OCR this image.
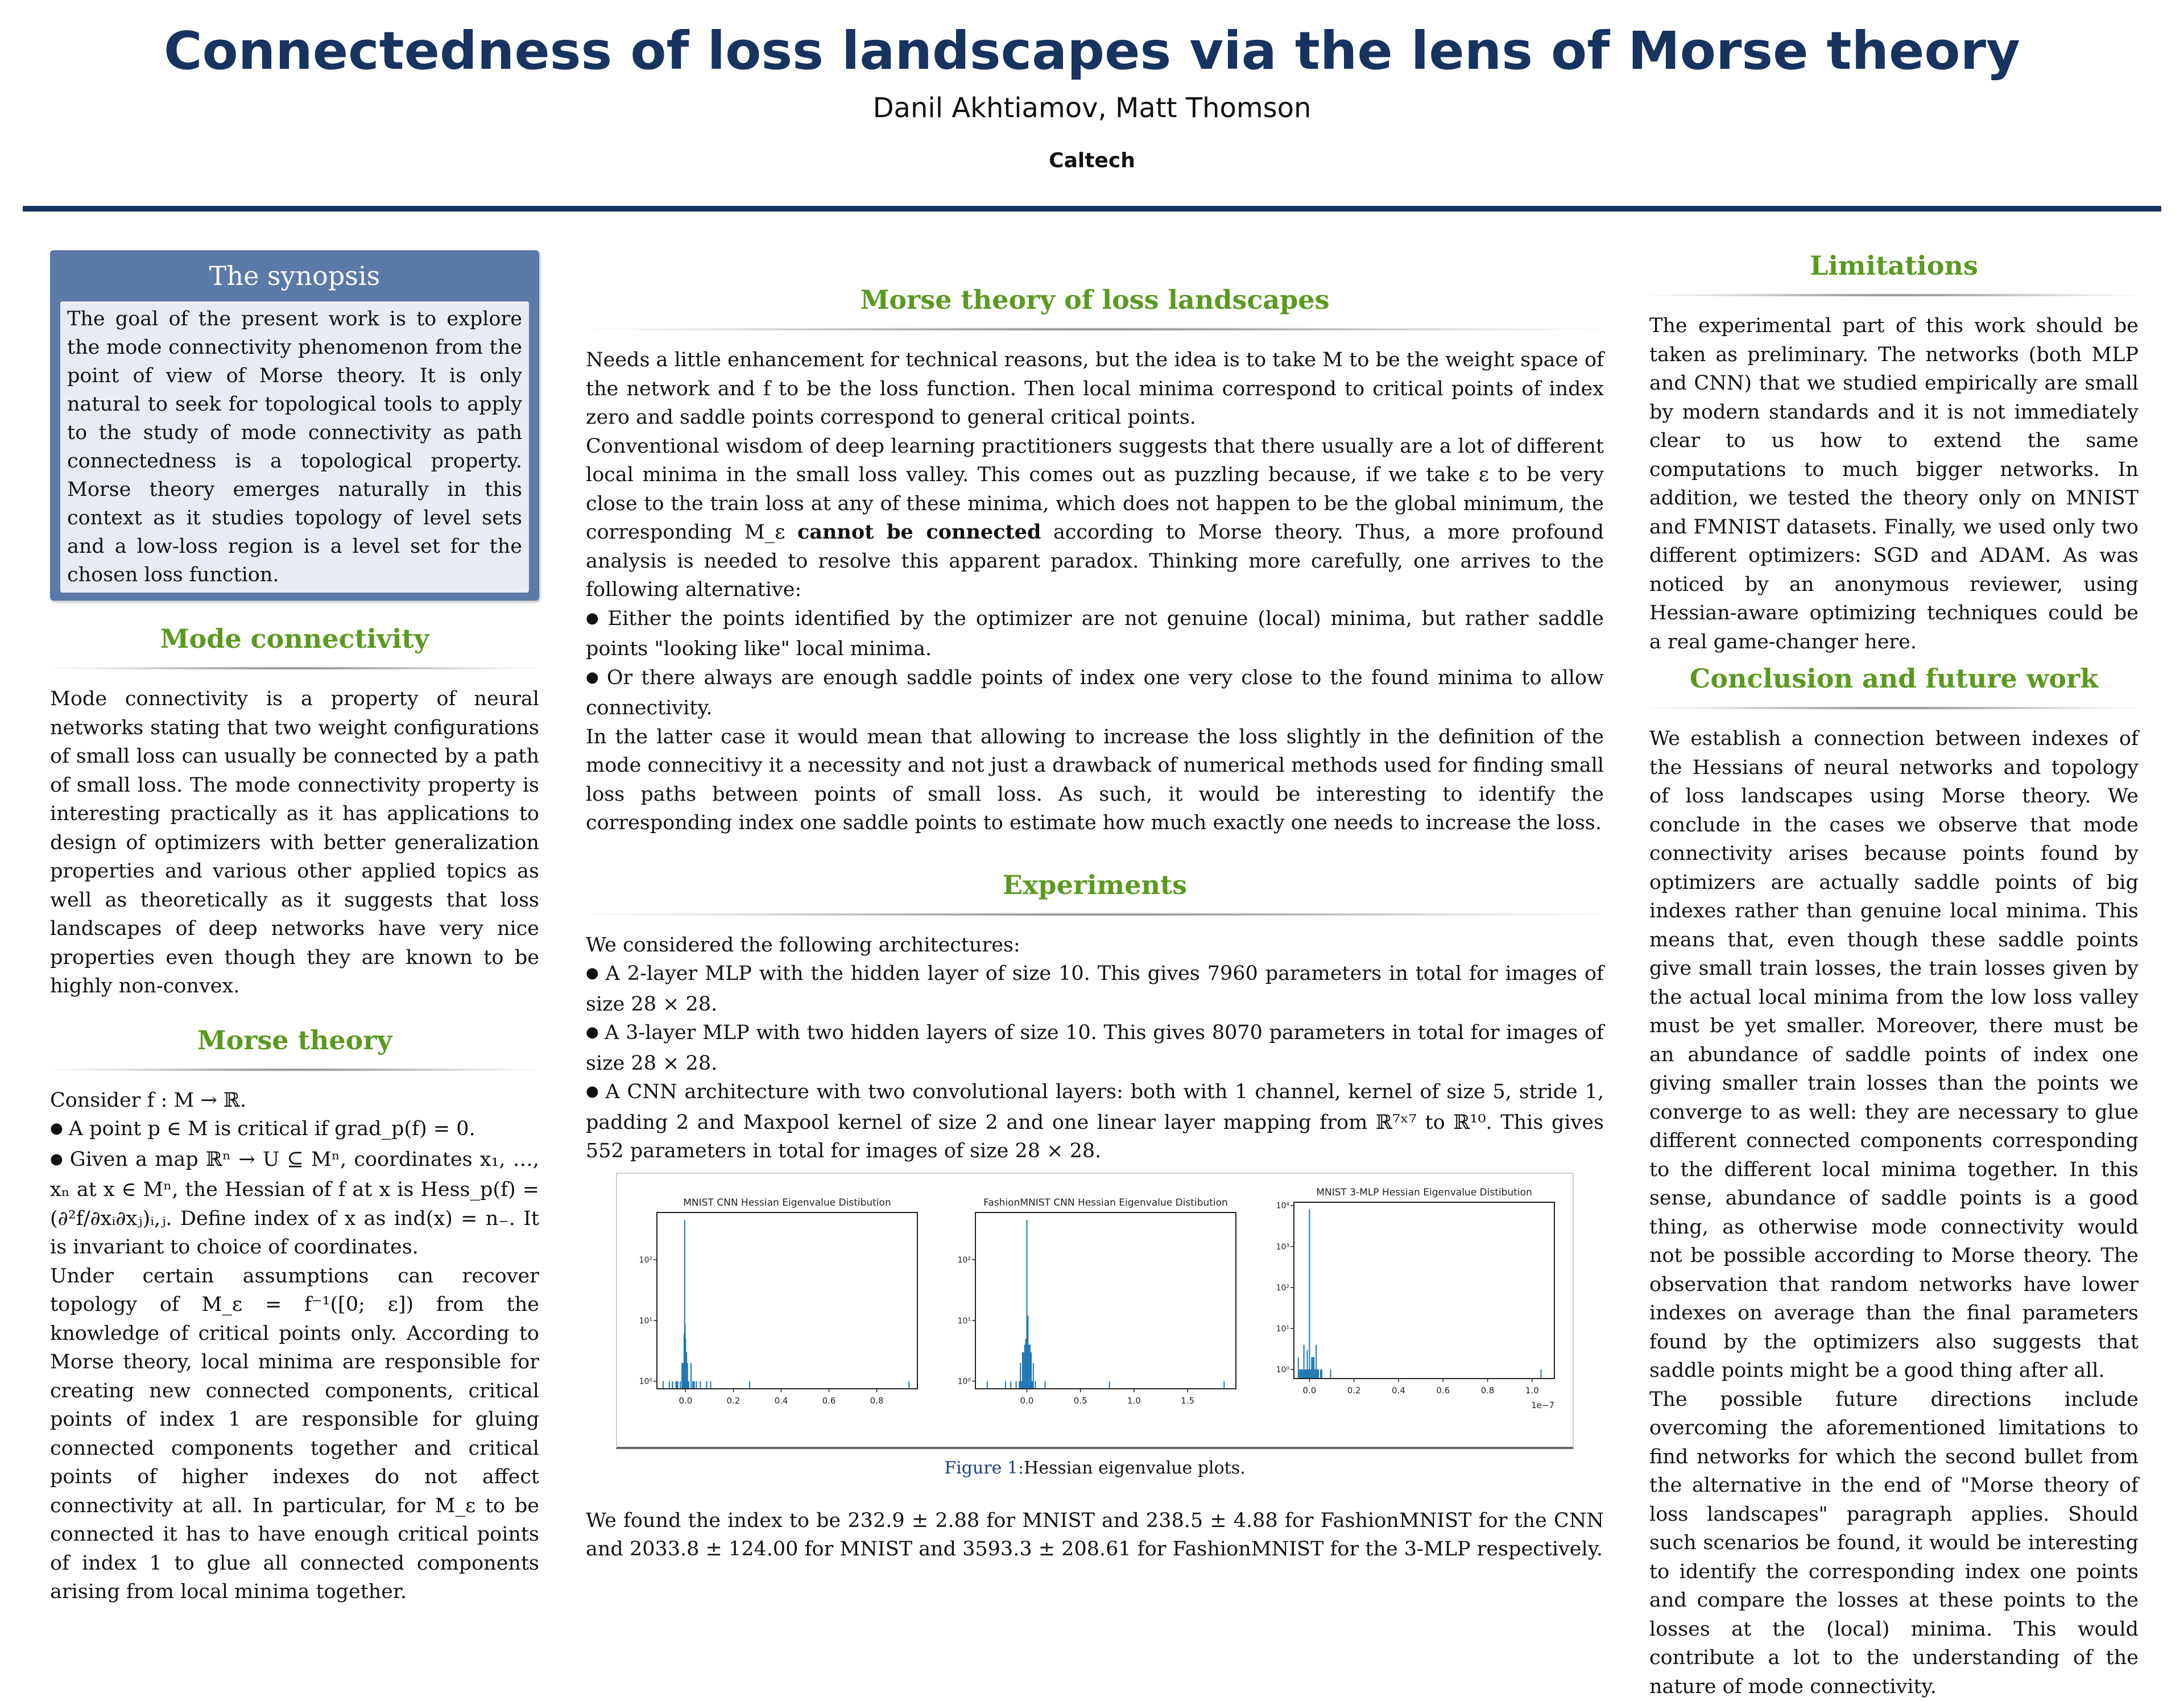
Connectedness of loss landscapes via the lens of Morse theory
Danil Akhtiamov, Matt Thomson
Caltech
The synopsis
The goal of the present work is to explore the mode connectivity phenomenon from the point of view of Morse theory. It is only natural to seek for topological tools to apply to the study of mode connectivity as path connectedness is a topological property. Morse theory emerges naturally in this context as it studies topology of level sets and a low-loss region is a level set for the chosen loss function.
Mode connectivity

Mode connectivity is a property of neural networks stating that two weight configurations of small loss can usually be connected by a path of small loss. The mode connectivity property is interesting practically as it has applications to design of optimizers with better generalization properties and various other applied topics as well as theoretically as it suggests that loss landscapes of deep networks have very nice properties even though they are known to be highly non-convex.

Morse theory

Consider f : M → ℝ.

● A point p ∈ M is critical if grad_p(f) = 0.

● Given a map ℝⁿ → U ⊆ Mⁿ, coordinates x₁, …, xₙ at x ∈ Mⁿ, the Hessian of f at x is Hess_p(f) = (∂²f/∂xᵢ∂xⱼ)ᵢ,ⱼ. Define index of x as ind(x) = n₋. It is invariant to choice of coordinates.

Under certain assumptions can recover topology of M_ε = f⁻¹([0; ε]) from the knowledge of critical points only. According to Morse theory, local minima are responsible for creating new connected components, critical points of index 1 are responsible for gluing connected components together and critical points of higher indexes do not affect connectivity at all. In particular, for M_ε to be connected it has to have enough critical points of index 1 to glue all connected components arising from local minima together.

Morse theory of loss landscapes

Needs a little enhancement for technical reasons, but the idea is to take M to be the weight space of the network and f to be the loss function. Then local minima correspond to critical points of index zero and saddle points correspond to general critical points.

Conventional wisdom of deep learning practitioners suggests that there usually are a lot of different local minima in the small loss valley. This comes out as puzzling because, if we take ε to be very close to the train loss at any of these minima, which does not happen to be the global minimum, the corresponding M_ε cannot be connected according to Morse theory. Thus, a more profound analysis is needed to resolve this apparent paradox. Thinking more carefully, one arrives to the following alternative:

● Either the points identified by the optimizer are not genuine (local) minima, but rather saddle points "looking like" local minima.

● Or there always are enough saddle points of index one very close to the found minima to allow connectivity.

In the latter case it would mean that allowing to increase the loss slightly in the definition of the mode connecitivy it a necessity and not just a drawback of numerical methods used for finding small loss paths between points of small loss. As such, it would be interesting to identify the corresponding index one saddle points to estimate how much exactly one needs to increase the loss.

Experiments

We considered the following architectures:

● A 2-layer MLP with the hidden layer of size 10. This gives 7960 parameters in total for images of size 28 × 28.

● A 3-layer MLP with two hidden layers of size 10. This gives 8070 parameters in total for images of size 28 × 28.

● A CNN architecture with two convolutional layers: both with 1 channel, kernel of size 5, stride 1, padding 2 and Maxpool kernel of size 2 and one linear layer mapping from ℝ⁷ˣ⁷ to ℝ¹⁰. This gives 552 parameters in total for images of size 28 × 28.

MNIST CNN Hessian Eigenvalue Distibution
0.0	0.2	0.4	0.6	0.8
10⁰
10¹
10²
FashionMNIST CNN Hessian Eigenvalue Distibution
0.0	0.5	1.0	1.5
10⁰
10¹
10²
MNIST 3-MLP Hessian Eigenvalue Distibution
0.0	0.2	0.4	0.6	0.8	1.0
10⁰
10¹
10²
10³
10⁴
1e−7
Figure 1:Hessian eigenvalue plots.

We found the index to be 232.9 ± 2.88 for MNIST and 238.5 ± 4.88 for FashionMNIST for the CNN and 2033.8 ± 124.00 for MNIST and 3593.3 ± 208.61 for FashionMNIST for the 3-MLP respectively.

Limitations

The experimental part of this work should be taken as preliminary. The networks (both MLP and CNN) that we studied empirically are small by modern standards and it is not immediately clear to us how to extend the same computations to much bigger networks. In addition, we tested the theory only on MNIST and FMNIST datasets. Finally, we used only two different optimizers: SGD and ADAM. As was noticed by an anonymous reviewer, using Hessian-aware optimizing techniques could be a real game-changer here.

Conclusion and future work

We establish a connection between indexes of the Hessians of neural networks and topology of loss landscapes using Morse theory. We conclude in the cases we observe that mode connectivity arises because points found by optimizers are actually saddle points of big indexes rather than genuine local minima. This means that, even though these saddle points give small train losses, the train losses given by the actual local minima from the low loss valley must be yet smaller. Moreover, there must be an abundance of saddle points of index one giving smaller train losses than the points we converge to as well: they are necessary to glue different connected components corresponding to the different local minima together. In this sense, abundance of saddle points is a good thing, as otherwise mode connectivity would not be possible according to Morse theory. The observation that random networks have lower indexes on average than the final parameters found by the optimizers also suggests that saddle points might be a good thing after all.

The possible future directions include overcoming the aforementioned limitations to find networks for which the second bullet from the alternative in the end of "Morse theory of loss landscapes" paragraph applies. Should such scenarios be found, it would be interesting to identify the corresponding index one points and compare the losses at these points to the losses at the (local) minima. This would contribute a lot to the understanding of the nature of mode connectivity.
